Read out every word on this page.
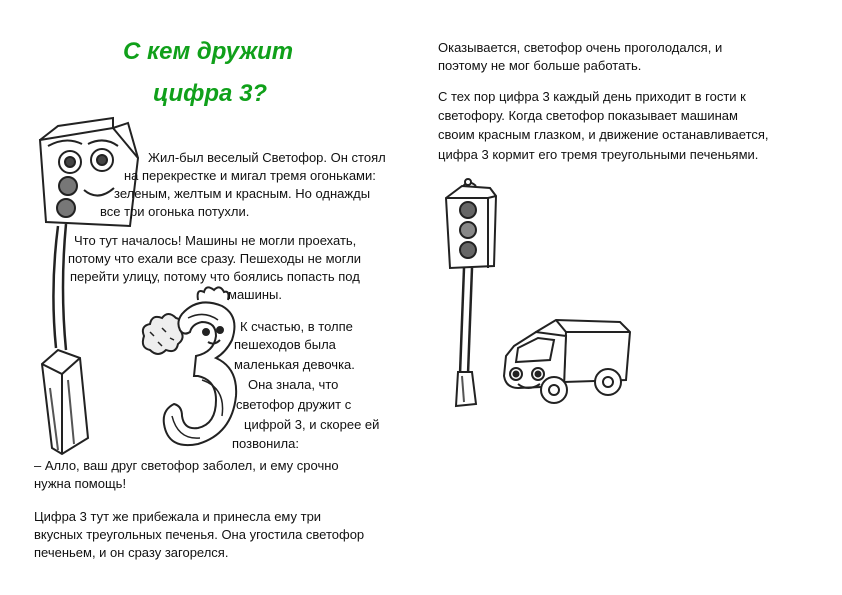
С кем дружит
цифра 3?
Жил-был веселый Светофор. Он стоял
на перекрестке и мигал тремя огоньками:
зеленым, желтым и красным. Но однажды
все три огонька потухли.
Что тут началось! Машины не могли проехать,
потому что ехали все сразу. Пешеходы не могли
перейти улицу, потому что боялись попасть под
машины.
К счастью, в толпе
пешеходов была
маленькая девочка.
Она знала, что
светофор дружит с
цифрой 3, и скорее ей
позвонила:
– Алло, ваш друг светофор заболел, и ему срочно
нужна помощь!
Цифра 3 тут же прибежала и принесла ему три
вкусных треугольных печенья. Она угостила светофор
печеньем, и он сразу загорелся.
Оказывается, светофор очень проголодался, и
поэтому не мог больше работать.
С тех пор цифра 3 каждый день приходит в гости к
светофору. Когда светофор показывает машинам
своим красным глазком, и движение останавливается,
цифра 3 кормит его тремя треугольными печеньями.
